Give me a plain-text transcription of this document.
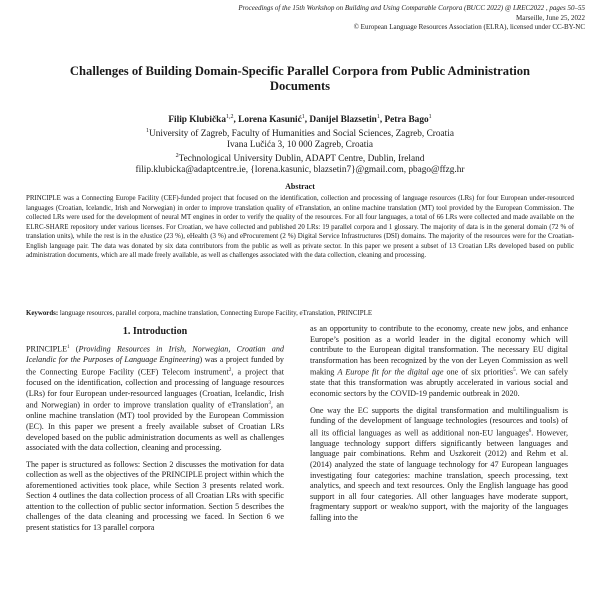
Proceedings of the 15th Workshop on Building and Using Comparable Corpora (BUCC 2022) @ LREC2022 , pages 50–55
Marseille, June 25, 2022
© European Language Resources Association (ELRA), licensed under CC-BY-NC
Challenges of Building Domain-Specific Parallel Corpora from Public Administration Documents
Filip Klubička$^{1,2}$, Lorena Kasunić$^1$, Danijel Blazsetin$^1$, Petra Bago$^1$
$^1$University of Zagreb, Faculty of Humanities and Social Sciences, Zagreb, Croatia
Ivana Lučića 3, 10 000 Zagreb, Croatia
$^2$Technological University Dublin, ADAPT Centre, Dublin, Ireland
filip.klubicka@adaptcentre.ie, {lorena.kasunic, blazsetin7}@gmail.com, pbago@ffzg.hr
Abstract
PRINCIPLE was a Connecting Europe Facility (CEF)-funded project that focused on the identification, collection and processing of language resources (LRs) for four European under-resourced languages (Croatian, Icelandic, Irish and Norwegian) in order to improve translation quality of eTranslation, an online machine translation (MT) tool provided by the European Commission. The collected LRs were used for the development of neural MT engines in order to verify the quality of the resources. For all four languages, a total of 66 LRs were collected and made available on the ELRC-SHARE repository under various licenses. For Croatian, we have collected and published 20 LRs: 19 parallel corpora and 1 glossary. The majority of data is in the general domain (72 % of translation units), while the rest is in the eJustice (23 %), eHealth (3 %) and eProcurement (2 %) Digital Service Infrastructures (DSI) domains. The majority of the resources were for the Croatian-English language pair. The data was donated by six data contributors from the public as well as private sector. In this paper we present a subset of 13 Croatian LRs developed based on public administration documents, which are all made freely available, as well as challenges associated with the data collection, cleaning and processing.
Keywords: language resources, parallel corpora, machine translation, Connecting Europe Facility, eTranslation, PRINCIPLE
1. Introduction

PRINCIPLE$^1$ (Providing Resources in Irish, Norwegian, Croatian and Icelandic for the Purposes of Language Engineering) was a project funded by the Connecting Europe Facility (CEF) Telecom instrument$^2$, a project that focused on the identification, collection and processing of language resources (LRs) for four European under-resourced languages (Croatian, Icelandic, Irish and Norwegian) in order to improve translation quality of eTranslation$^3$, an online machine translation (MT) tool provided by the European Commission (EC). In this paper we present a freely available subset of Croatian LRs developed based on the public administration documents as well as challenges associated with the data collection, cleaning and processing.

The paper is structured as follows: Section 2 discusses the motivation for data collection as well as the objectives of the PRINCIPLE project within which the aforementioned activities took place, while Section 3 presents related work. Section 4 outlines the data collection process of all Croatian LRs with specific attention to the collection of public sector information. Section 5 describes the challenges of the data cleaning and processing we faced. In Section 6 we present statistics for 13 parallel corpora

as an opportunity to contribute to the economy, create new jobs, and enhance Europe’s position as a world leader in the digital economy which will contribute to the European digital transformation. The necessary EU digital transformation has been recognized by the von der Leyen Commission as well making A Europe fit for the digital age one of six priorities$^5$. We can safely state that this transformation was abruptly accelerated in various social and economic sectors by the COVID-19 pandemic outbreak in 2020.

One way the EC supports the digital transformation and multilingualism is funding of the development of language technologies (resources and tools) of all its official languages as well as additional non-EU languages$^6$. However, language technology support differs significantly between languages and language pair combinations. Rehm and Uszkoreit (2012) and Rehm et al. (2014) analyzed the state of language technology for 47 European languages investigating four categories: machine translation, speech processing, text analytics, and speech and text resources. Only the English language has good support in all four categories. All other languages have moderate support, fragmentary support or weak/no support, with the majority of the languages falling into the
